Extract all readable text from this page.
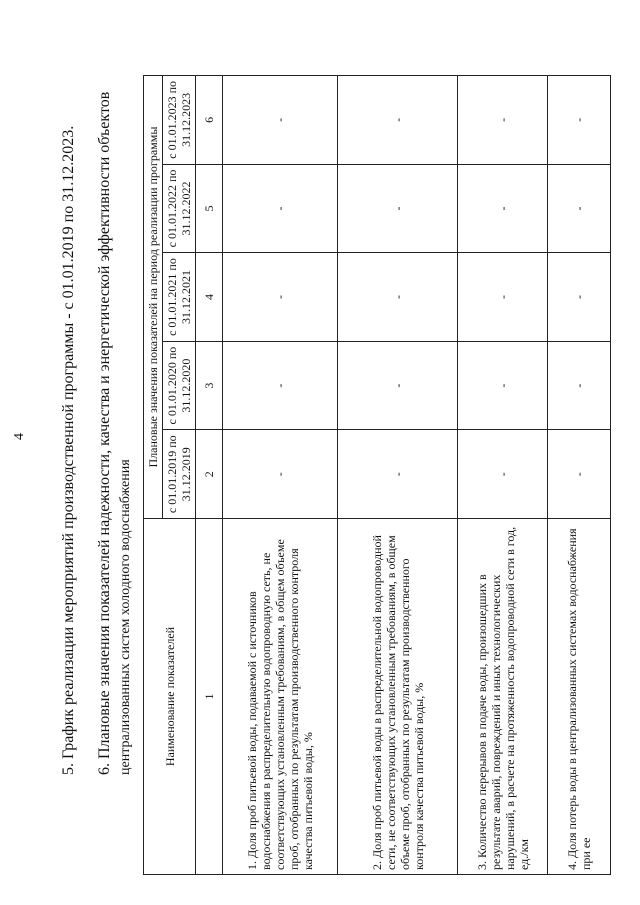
4 5. График реализации мероприятий производственной программы - с 01.01.2019 по 31.12.2023. 6. Плановые значения показателей надежности, качества и энергетической эффективности объектов централизованных систем холодного водоснабжения Наименование показателей	Плановые значения показателей на период реализации программы				
	с 01.01.2019 по 31.12.2019	с 01.01.2020 по 31.12.2020	с 01.01.2021 по 31.12.2021	с 01.01.2022 по 31.12.2022	с 01.01.2023 по 31.12.2023
1	2	3	4	5	6
1. Доля проб питьевой воды, подаваемой с источников водоснабжения в распределительную водопроводную сеть, не соответствующих установленным требованиям, в общем объеме проб, отобранных по результатам производственного контроля качества питьевой воды, %	-	-	-	-	-
2. Доля проб питьевой воды в распределительной водопроводной сети, не соответствующих установленным требованиям, в общем объеме проб, отобранных по результатам производственного контроля качества питьевой воды, %	-	-	-	-	-
3. Количество перерывов в подаче воды, произошедших в результате аварий, повреждений и иных технологических нарушений, в расчете на протяженность водопроводной сети в год, ед./км	-	-	-	-	-
4. Доля потерь воды в централизованных системах водоснабжения при ее	-	-	-	-	-
